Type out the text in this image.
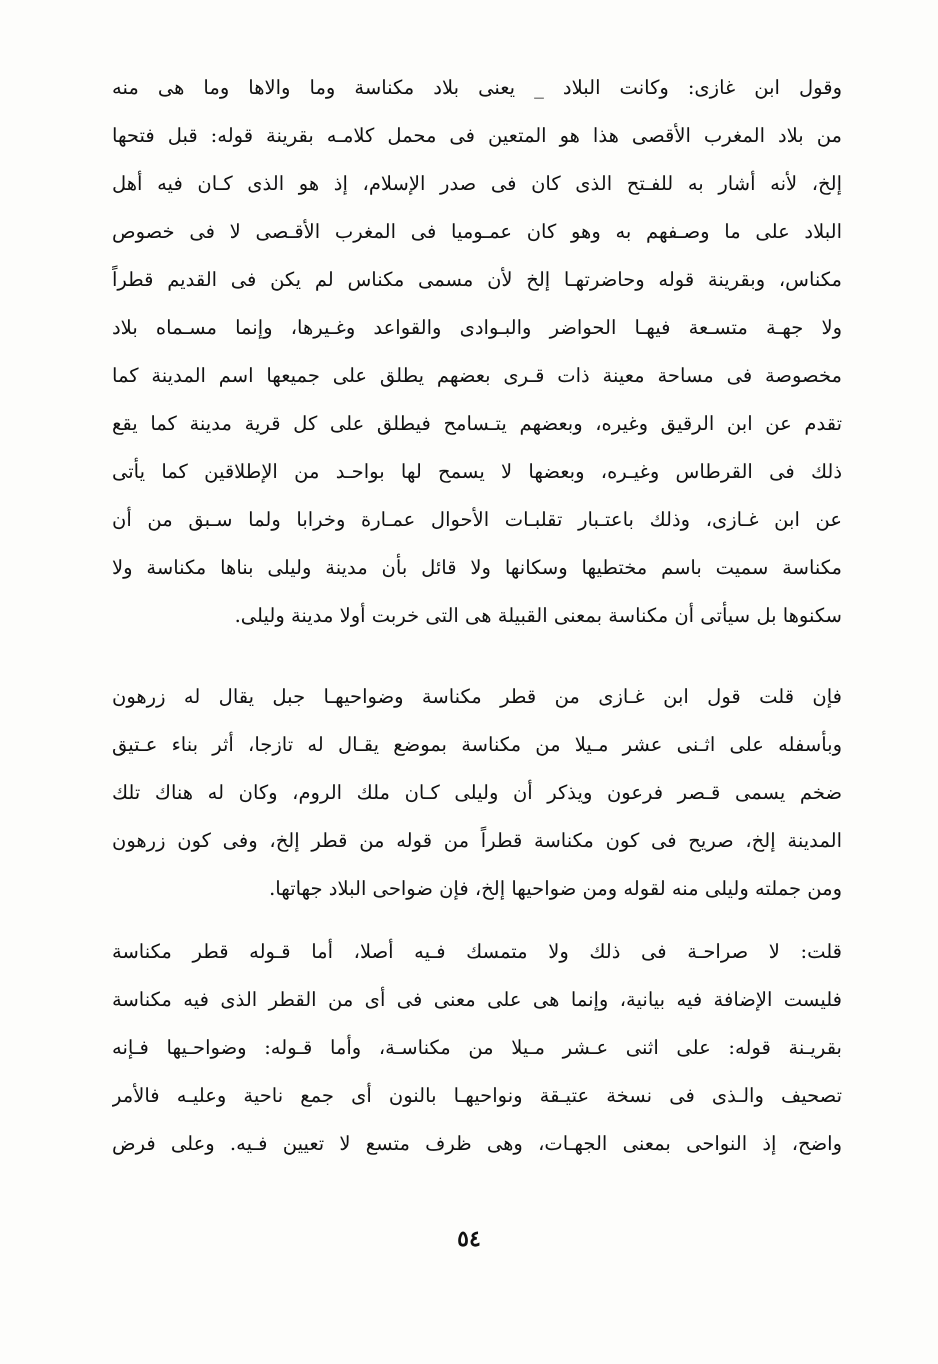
وقول ابن غازى: وكانت البلاد _ يعنى بلاد مكناسة وما والاها وما هى منه
من بلاد المغرب الأقصى هذا هو المتعين فى محمل كلامـه بقرينة قوله: قبل فتحها
إلخ، لأنه أشار به للفـتح الذى كان فى صدر الإسلام، إذ هو الذى كـان فيه أهل
البلاد على ما وصـفهم به وهو كان عمـوميا فى المغرب الأقـصى لا فى خصوص
مكناس، وبقرينة قوله وحاضرتهـا إلخ لأن مسمى مكناس لم يكن فى القديم قطراً
ولا جهـة متسـعة فيهـا الحواضر والبـوادى والقواعد وغـيرها، وإنما مسـماه بلاد
مخصوصة فى مساحة معينة ذات قـرى بعضهم يطلق على جميعها اسم المدينة كما
تقدم عن ابن الرقيق وغيره، وبعضهم يتـسامح فيطلق على كل قرية مدينة كما يقع
ذلك فى القرطاس وغيـره، وبعضها لا يسمح لها بواحـد من الإطلاقين كما يأتى
عن ابن غـازى، وذلك باعتـبار تقلبـات الأحوال عمـارة وخرابا ولما سـبق من أن
مكناسة سميت باسم مختطيها وسكانها ولا قائل بأن مدينة وليلى بناها مكناسة ولا
سكنوها بل سيأتى أن مكناسة بمعنى القبيلة هى التى خربت أولا مدينة وليلى.
فإن قلت قول ابن غـازى من قطر مكناسة وضواحيهـا جبل يقال له زرهون
وبأسفله على اثـنى عشر مـيلا من مكناسة بموضع يقـال له تازجا، أثر بناء عـتيق
ضخم يسمى قـصر فرعون ويذكر أن وليلى كـان ملك الروم، وكان له هناك تلك
المدينة إلخ، صريح فى كون مكناسة قطراً من قوله من قطر إلخ، وفى كون زرهون
ومن جملته وليلى منه لقوله ومن ضواحيها إلخ، فإن ضواحى البلاد جهاتها.
قلت: لا صراحـة فى ذلك ولا متمسك فـيه أصلا، أما قـوله قطر مكناسة
فليست الإضافة فيه بيانية، وإنما هى على معنى فى أى من القطر الذى فيه مكناسة
بقريـنة قوله: على اثنى عـشر مـيلا من مكناسـة، وأما قـوله: وضواحـيها فـإنه
تصحيف والـذى فى نسخة عتيـقة ونواحيهـا بالنون أى جمع ناحية وعليـه فالأمر
واضح، إذ النواحى بمعنى الجهـات، وهى ظرف متسع لا تعيين فـيه. وعلى فرض
٥٤
